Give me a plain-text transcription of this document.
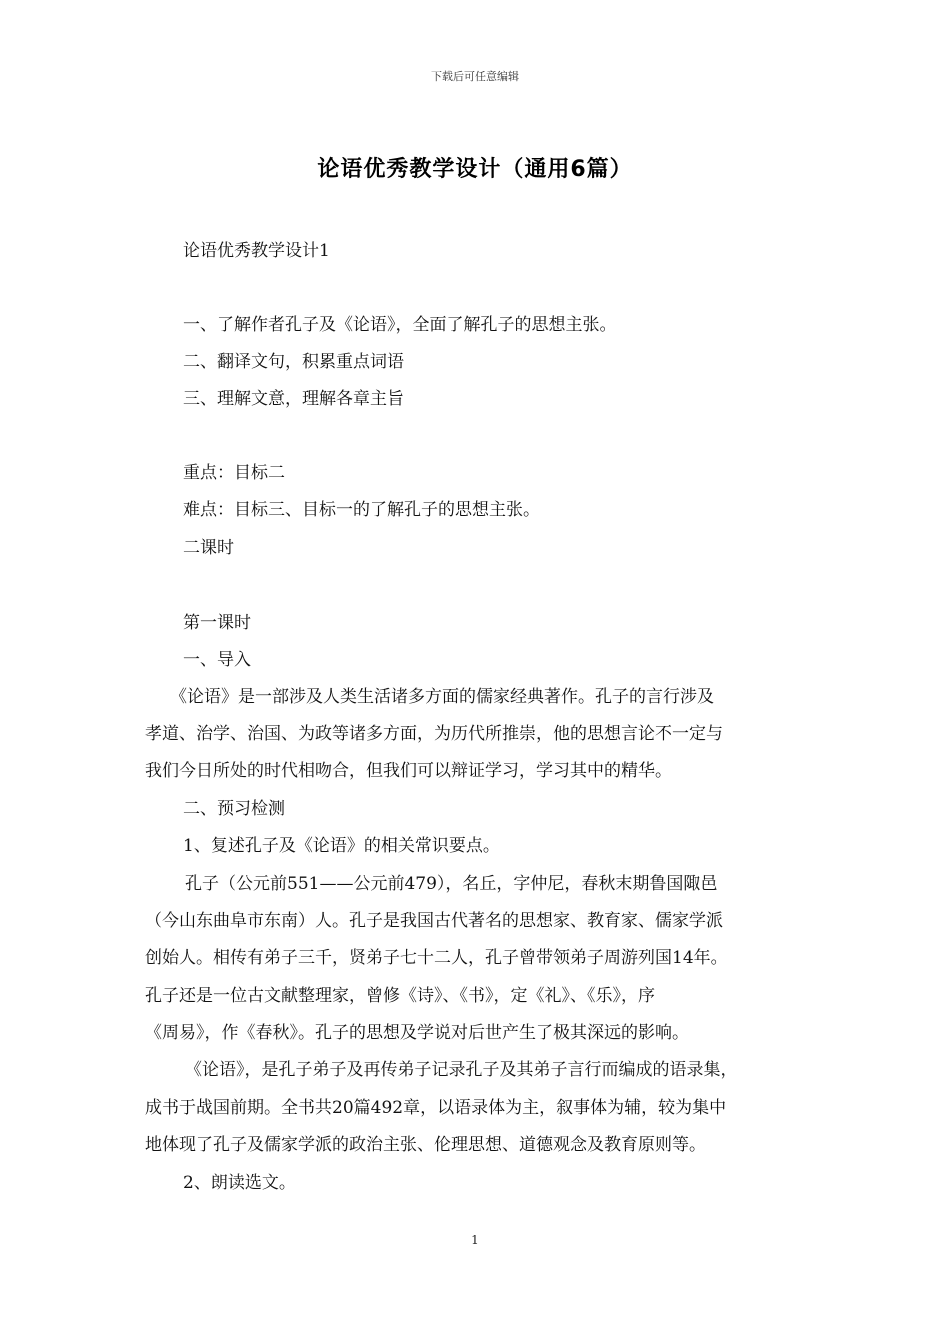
下载后可任意编辑
论语优秀教学设计（通用6篇）
论语优秀教学设计1
一、了解作者孔子及《论语》，全面了解孔子的思想主张。
二、翻译文句，积累重点词语
三、理解文意，理解各章主旨
重点：目标二
难点：目标三、目标一的了解孔子的思想主张。
二课时
第一课时
一、导入
《论语》是一部涉及人类生活诸多方面的儒家经典著作。孔子的言行涉及
孝道、治学、治国、为政等诸多方面，为历代所推崇，他的思想言论不一定与
我们今日所处的时代相吻合，但我们可以辩证学习，学习其中的精华。
二、预习检测
1、复述孔子及《论语》的相关常识要点。
孔子（公元前551——公元前479），名丘，字仲尼，春秋末期鲁国陬邑
（今山东曲阜市东南）人。孔子是我国古代著名的思想家、教育家、儒家学派
创始人。相传有弟子三千，贤弟子七十二人，孔子曾带领弟子周游列国14年。
孔子还是一位古文献整理家，曾修《诗》、《书》，定《礼》、《乐》，序
《周易》，作《春秋》。孔子的思想及学说对后世产生了极其深远的影响。
《论语》，是孔子弟子及再传弟子记录孔子及其弟子言行而编成的语录集，
成书于战国前期。全书共20篇492章，以语录体为主，叙事体为辅，较为集中
地体现了孔子及儒家学派的政治主张、伦理思想、道德观念及教育原则等。
2、朗读选文。
1
